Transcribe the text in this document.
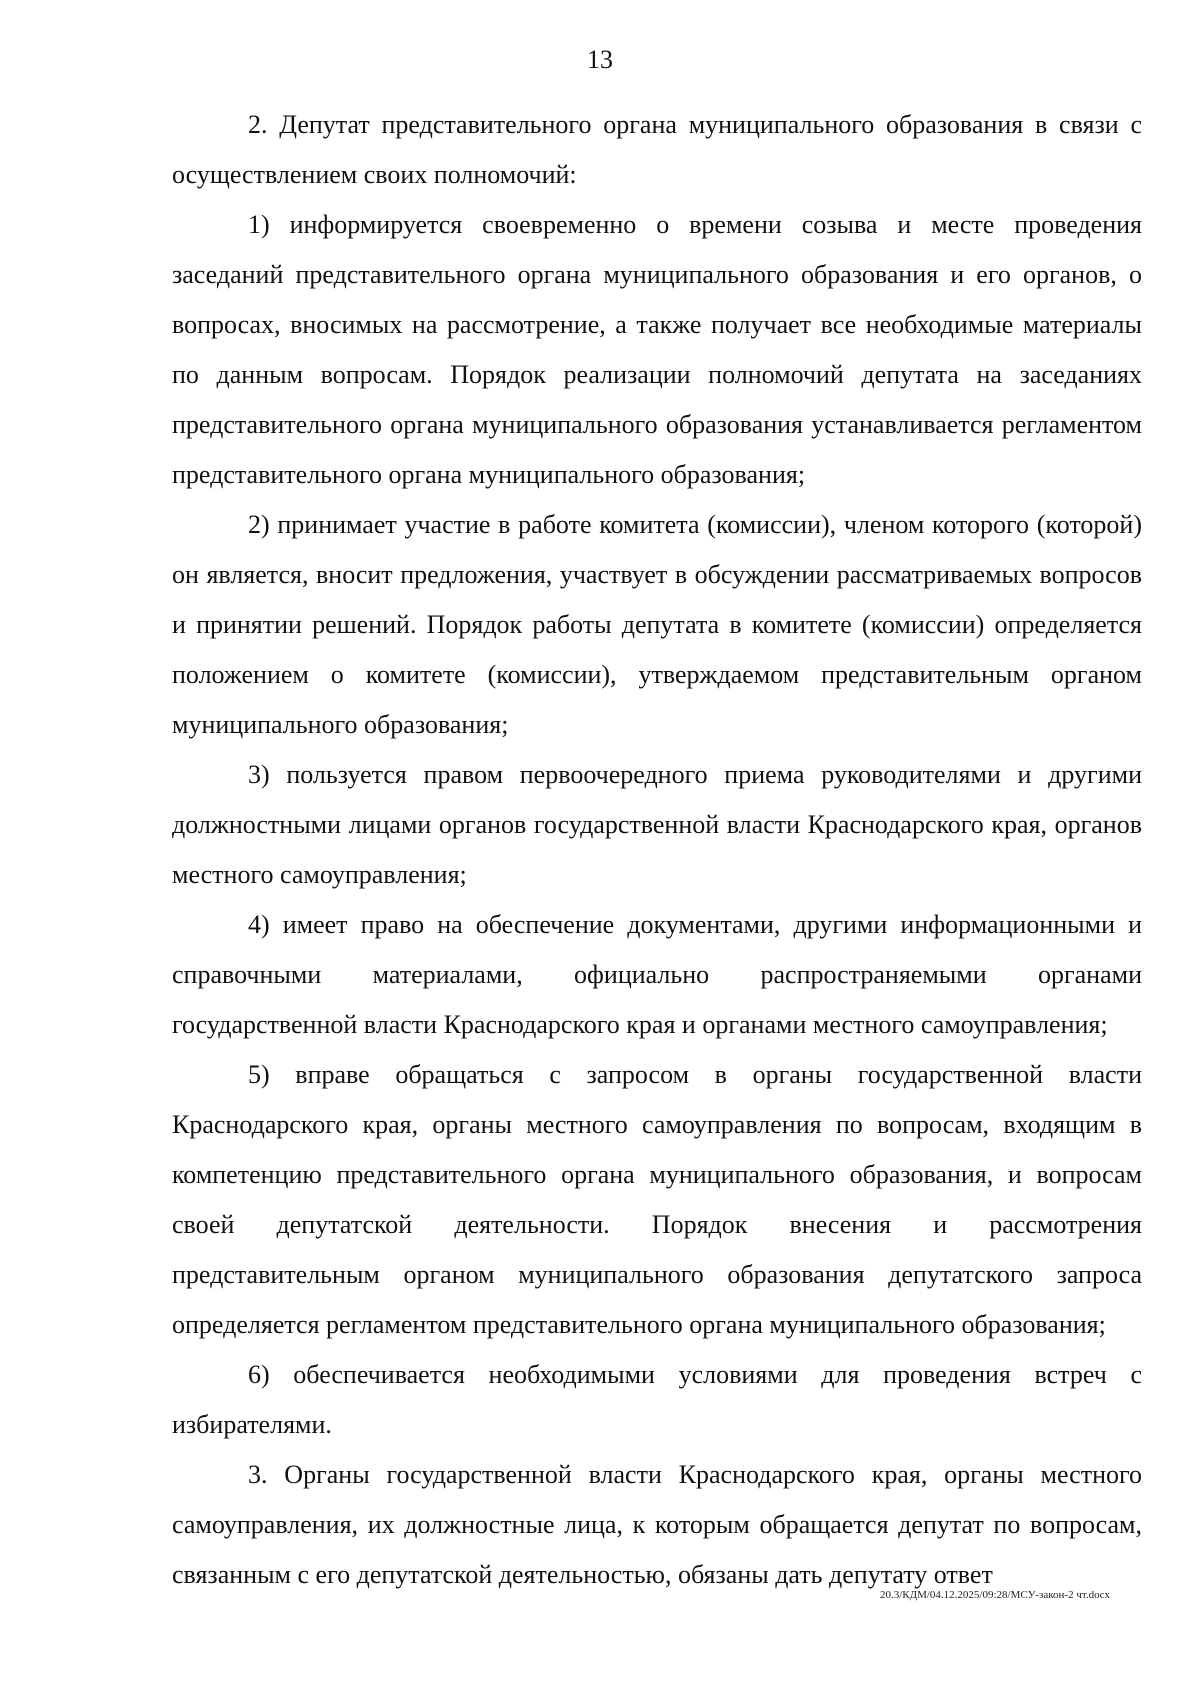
13

2. Депутат представительного органа муниципального образования в связи с осуществлением своих полномочий:

1) информируется своевременно о времени созыва и месте проведения заседаний представительного органа муниципального образования и его органов, о вопросах, вносимых на рассмотрение, а также получает все необходимые материалы по данным вопросам. Порядок реализации полномочий депутата на заседаниях представительного органа муниципального образования устанавливается регламентом представительного органа муниципального образования;

2) принимает участие в работе комитета (комиссии), членом которого (которой) он является, вносит предложения, участвует в обсуждении рассматриваемых вопросов и принятии решений. Порядок работы депутата в комитете (комиссии) определяется положением о комитете (комиссии), утверждаемом представительным органом муниципального образования;

3) пользуется правом первоочередного приема руководителями и другими должностными лицами органов государственной власти Краснодарского края, органов местного самоуправления;

4) имеет право на обеспечение документами, другими информационными и справочными материалами, официально распространяемыми органами государственной власти Краснодарского края и органами местного самоуправления;

5) вправе обращаться с запросом в органы государственной власти Краснодарского края, органы местного самоуправления по вопросам, входящим в компетенцию представительного органа муниципального образования, и вопросам своей депутатской деятельности. Порядок внесения и рассмотрения представительным органом муниципального образования депутатского запроса определяется регламентом представительного органа муниципального образования;

6) обеспечивается необходимыми условиями для проведения встреч с избирателями.

3. Органы государственной власти Краснодарского края, органы местного самоуправления, их должностные лица, к которым обращается депутат по вопросам, связанным с его депутатской деятельностью, обязаны дать депутату ответ

20.3/КДМ/04.12.2025/09:28/МСУ-закон-2 чт.docx
